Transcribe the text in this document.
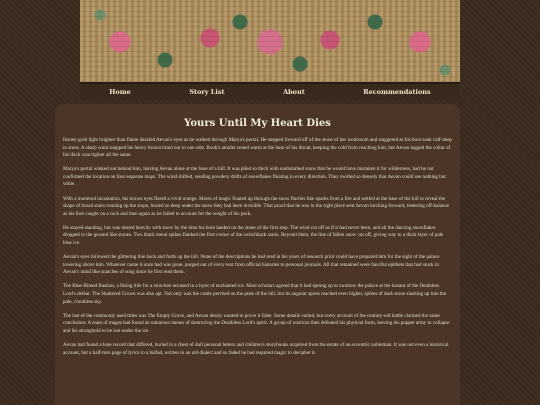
Home	Story List	About	Recommendations
Yours Until My Heart Dies

Honey-gold light brighter than flame dazzled Aevan's eyes as he walked through Marya's portal. He stepped forward off of the stone of her workroom and staggered as his boot sank calf-deep in snow. A sharp wind snapped his heavy brown braid out to one side. Rook's amulet rested warm at the base of his throat, keeping the cold from reaching him, but Aevan tugged the collar of his thick coat tighter all the same.

Marya's portal winked out behind him, leaving Aevan alone at the base of a hill. It was piled so thick with undisturbed snow that he would have mistaken it for wilderness, had he not confirmed the location on four separate maps. The wind shifted, sending powdery drifts of snowflakes floating in every direction. They swirled so densely that Aevan could see nothing but white.

With a muttered incantation, his brown eyes flared a vivid orange. Motes of magic floated up through the snow flurries like sparks from a fire and settled at the base of the hill to reveal the shape of broad stairs running up the slope, buried so deep under the snow they had been invisible. That proof that he was in the right place sent Aevan lurching forward, teetering off-balance as his foot caught on a rock and then again as he failed to account for the weight of his pack.

He stayed standing, but was dusted heavily with snow by the time his boot landed on the stone of the first step. The wind cut off as if it had never been, and all the dancing snowflakes dropped to the ground like stones. Two black metal spikes flanked the first corner of the switchback stairs. Beyond them, the line of fallen snow cut off, giving way to a thick layer of pale blue ice.

Aevan's eyes followed the glittering line back and forth up the hill. None of the descriptions he had read in his years of research prior could have prepared him for the sight of the palace towering above him. Whatever name it once had was gone, purged out of every text from official histories to personal journals. All that remained were fanciful epithets that had stuck in Aevan's mind like snatches of song since he first read them.

The Blue-Rimed Bastion, a fitting title for a structure encased in a layer of enchanted ice. Most scholars agreed that it had sprung up to swallow the palace at the instant of the Deathless Lord's defeat. The Shattered Crown was also apt. Not only was the castle perched on the peak of the hill, but its angular spires reached even higher, spikes of dark stone slashing up into the pale, cloudless sky.

The last of the commonly used titles was The Empty Grave, and Aevan dearly wanted to prove it false. Some details varied, but every account of the century-old battle claimed the same conclusion: A team of mages had found an unknown means of destroying the Deathless Lord's spirit. A group of warriors then defeated his physical form, leaving his puppet army to collapse and his stronghold to be lost under the ice.

Aevan had found a lone record that differed, buried in a chest of dull personal letters and children's storybooks acquired from the estate of an eccentric nobleman. It was not even a historical account, but a half-torn page of lyrics to a ballad, written in an old dialect and so faded he had required magic to decipher it.
